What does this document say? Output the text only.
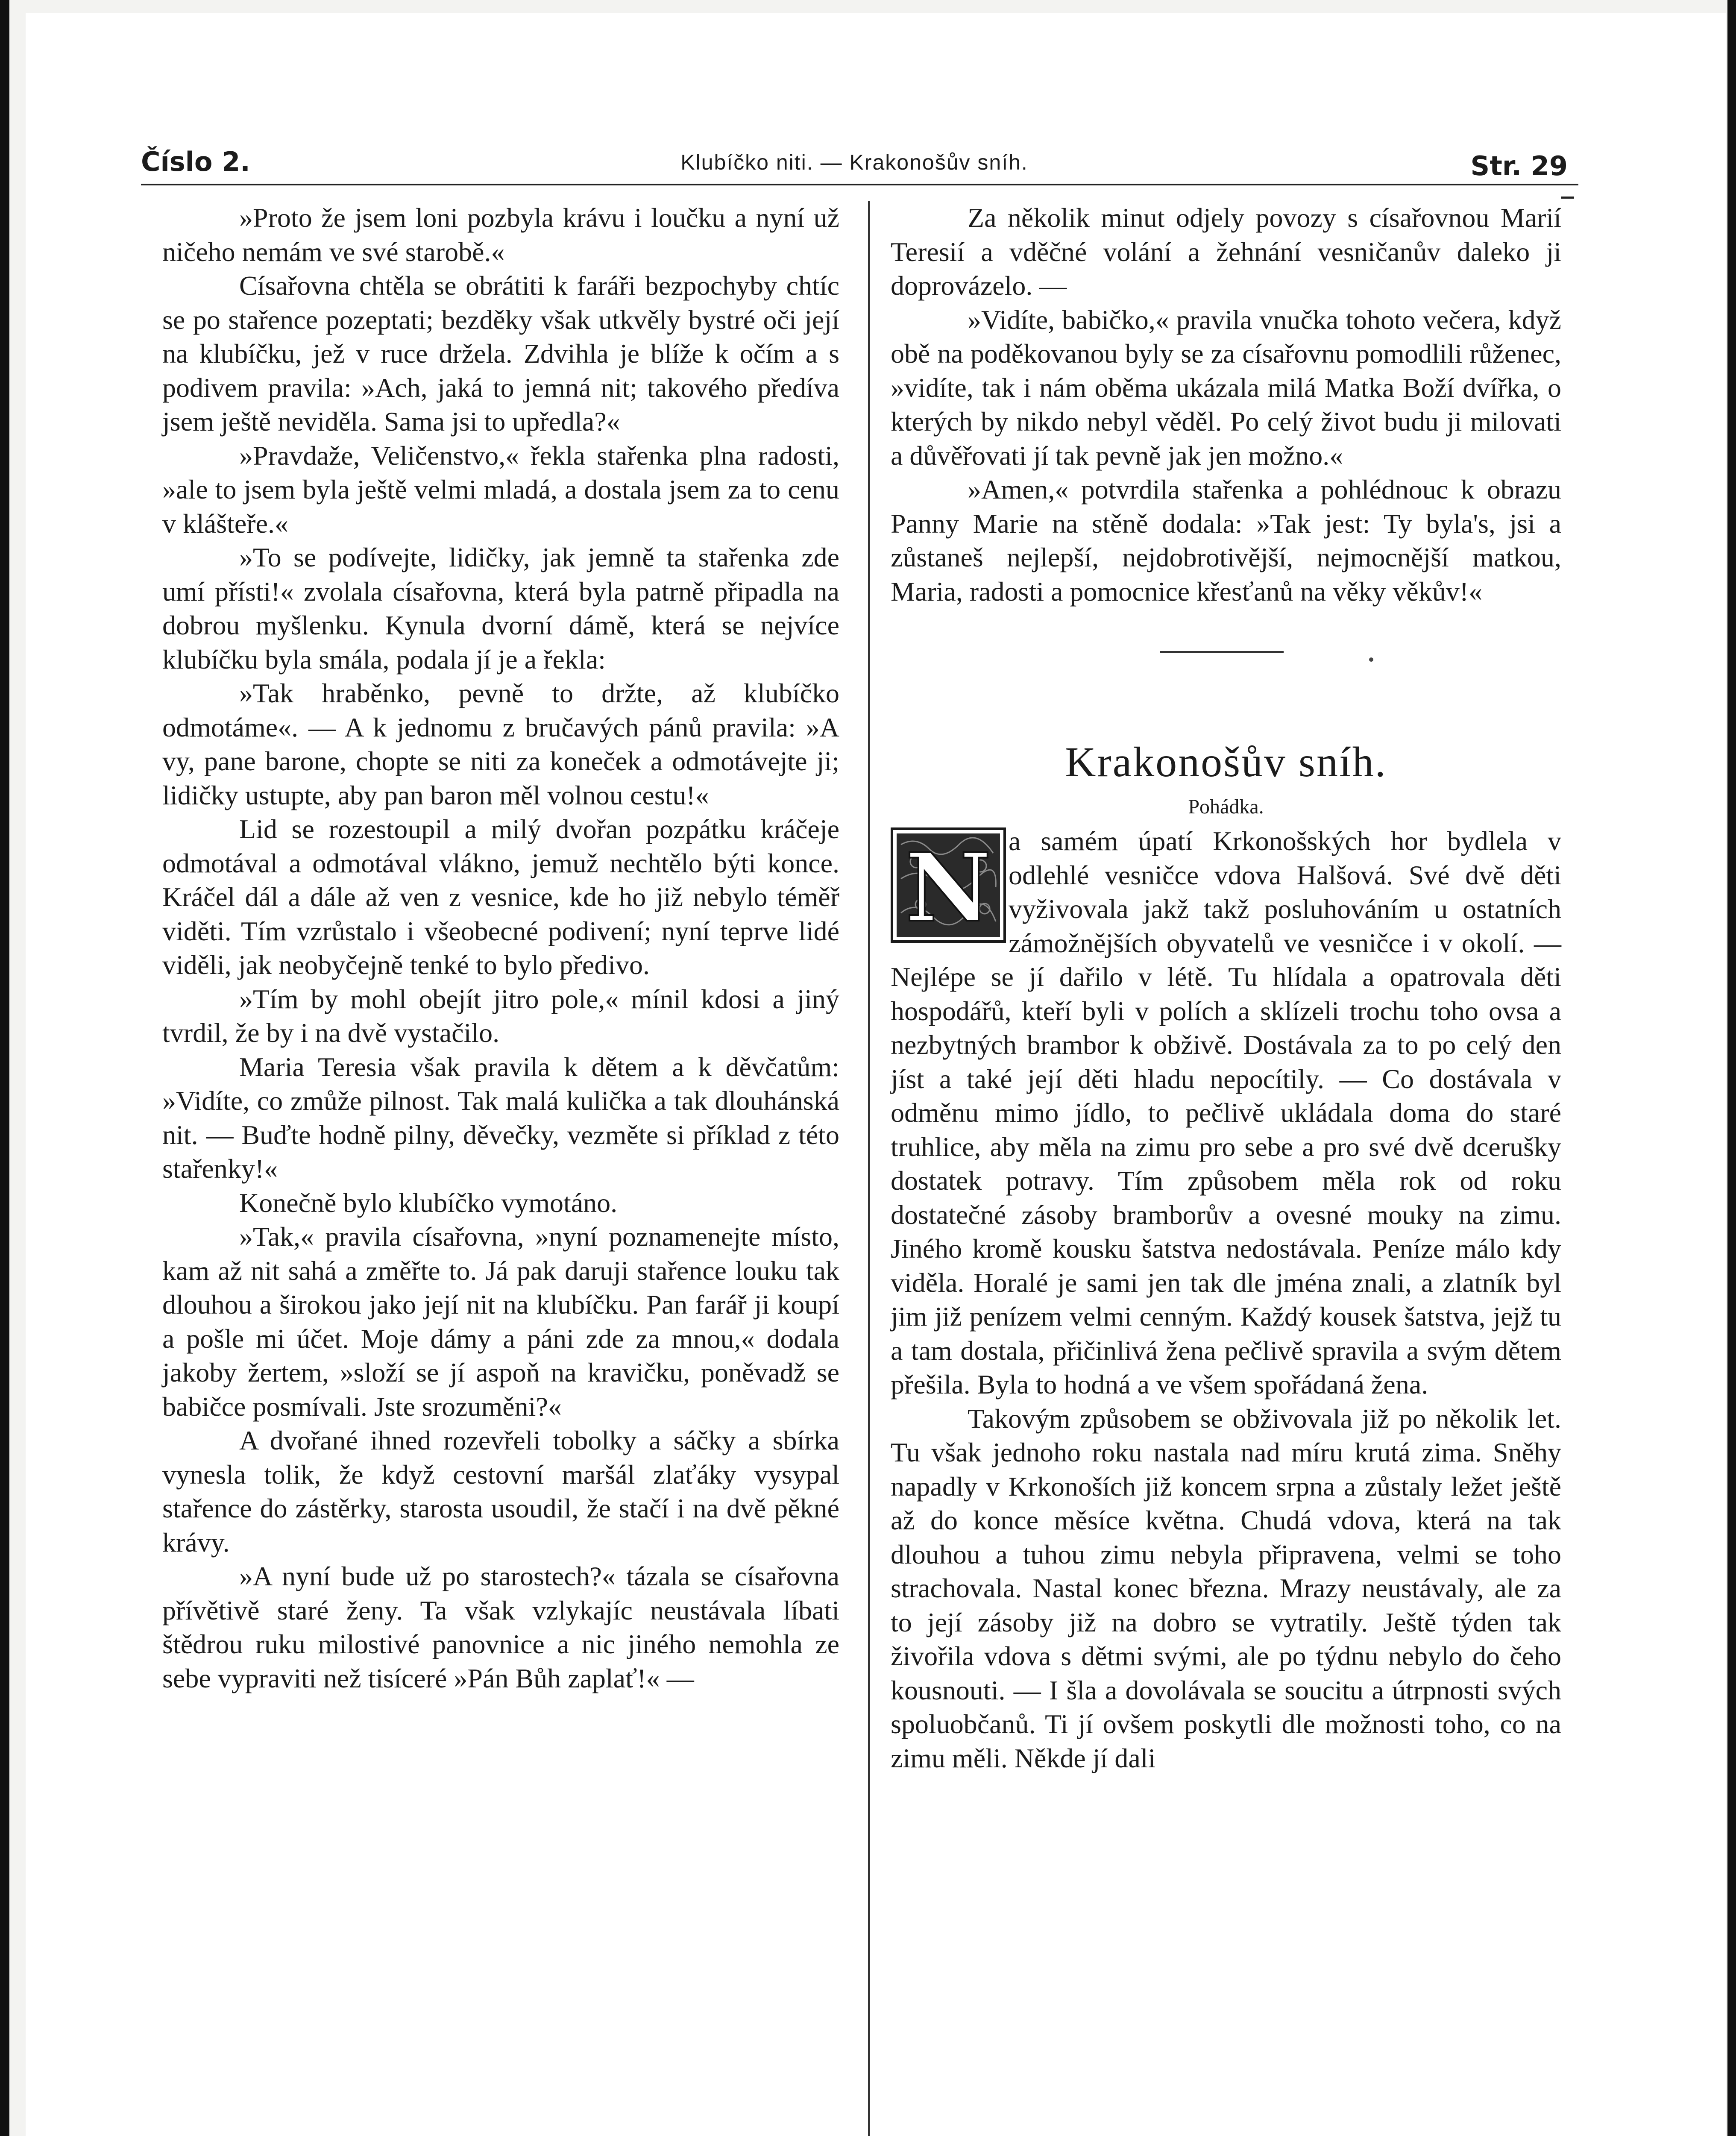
Číslo 2.	Klubíčko niti. — Krakonošův sníh.	Str. 29

»Proto že jsem loni pozbyla krávu i loučku a nyní už ničeho nemám ve své starobě.«

Císařovna chtěla se obrátiti k faráři bezpochyby chtíc se po stařence pozeptati; bezděky však utkvěly bystré oči její na klubíčku, jež v ruce držela. Zdvihla je blíže k očím a s podivem pravila: »Ach, jaká to jemná nit; takového předíva jsem ještě neviděla. Sama jsi to upředla?«

»Pravdaže, Veličenstvo,« řekla stařenka plna radosti, »ale to jsem byla ještě velmi mladá, a dostala jsem za to cenu v klášteře.«

»To se podívejte, lidičky, jak jemně ta stařenka zde umí přísti!« zvolala císařovna, která byla patrně připadla na dobrou myšlenku. Kynula dvorní dámě, která se nejvíce klubíčku byla smála, podala jí je a řekla:

»Tak hraběnko, pevně to držte, až klubíčko odmotáme«. — A k jednomu z bručavých pánů pravila: »A vy, pane barone, chopte se niti za koneček a odmotávejte ji; lidičky ustupte, aby pan baron měl volnou cestu!«

Lid se rozestoupil a milý dvořan pozpátku kráčeje odmotával a odmotával vlákno, jemuž nechtělo býti konce. Kráčel dál a dále až ven z vesnice, kde ho již nebylo téměř viděti. Tím vzrůstalo i všeobecné podivení; nyní teprve lidé viděli, jak neobyčejně tenké to bylo předivo.

»Tím by mohl obejít jitro pole,« mínil kdosi a jiný tvrdil, že by i na dvě vystačilo.

Maria Teresia však pravila k dětem a k děvčatům: »Vidíte, co zmůže pilnost. Tak malá kulička a tak dlouhánská nit. — Buďte hodně pilny, děvečky, vezměte si příklad z této stařenky!«

Konečně bylo klubíčko vymotáno.

»Tak,« pravila císařovna, »nyní poznamenejte místo, kam až nit sahá a změřte to. Já pak daruji stařence louku tak dlouhou a širokou jako její nit na klubíčku. Pan farář ji koupí a pošle mi účet. Moje dámy a páni zde za mnou,« dodala jakoby žertem, »složí se jí aspoň na kravičku, poněvadž se babičce posmívali. Jste srozuměni?«

A dvořané ihned rozevřeli tobolky a sáčky a sbírka vynesla tolik, že když cestovní maršál zlaťáky vysypal stařence do zástěrky, starosta usoudil, že stačí i na dvě pěkné krávy.

»A nyní bude už po starostech?« tázala se císařovna přívětivě staré ženy. Ta však vzlykajíc neustávala líbati štědrou ruku milostivé panovnice a nic jiného nemohla ze sebe vypraviti než tisíceré »Pán Bůh zaplať!« —

Za několik minut odjely povozy s císařovnou Marií Teresií a vděčné volání a žehnání vesničanův daleko ji doprovázelo. —

»Vidíte, babičko,« pravila vnučka tohoto večera, když obě na poděkovanou byly se za císařovnu pomodlili růženec, »vidíte, tak i nám oběma ukázala milá Matka Boží dvířka, o kterých by nikdo nebyl věděl. Po celý život budu ji milovati a důvěřovati jí tak pevně jak jen možno.«

»Amen,« potvrdila stařenka a pohlédnouc k obrazu Panny Marie na stěně dodala: »Tak jest: Ty byla's, jsi a zůstaneš nejlepší, nejdobrotivější, nejmocnější matkou, Maria, radosti a pomocnice křesťanů na věky věkův!«

Krakonošův sníh.
Pohádka.

N a samém úpatí Krkonošských hor bydlela v odlehlé vesničce vdova Halšová. Své dvě děti vyživovala jakž takž posluhováním u ostatních zámožnějších obyvatelů ve vesničce i v okolí. — Nejlépe se jí dařilo v létě. Tu hlídala a opatrovala děti hospodářů, kteří byli v polích a sklízeli trochu toho ovsa a nezbytných brambor k obživě. Dostávala za to po celý den jíst a také její děti hladu nepocítily. — Co dostávala v odměnu mimo jídlo, to pečlivě ukládala doma do staré truhlice, aby měla na zimu pro sebe a pro své dvě dcerušky dostatek potravy. Tím způsobem měla rok od roku dostatečné zásoby bramborův a ovesné mouky na zimu. Jiného kromě kousku šatstva nedostávala. Peníze málo kdy viděla. Horalé je sami jen tak dle jména znali, a zlatník byl jim již penízem velmi cenným. Každý kousek šatstva, jejž tu a tam dostala, přičinlivá žena pečlivě spravila a svým dětem přešila. Byla to hodná a ve všem spořádaná žena.

Takovým způsobem se obživovala již po několik let. Tu však jednoho roku nastala nad míru krutá zima. Sněhy napadly v Krkonoších již koncem srpna a zůstaly ležet ještě až do konce měsíce května. Chudá vdova, která na tak dlouhou a tuhou zimu nebyla připravena, velmi se toho strachovala. Nastal konec března. Mrazy neustávaly, ale za to její zásoby již na dobro se vytratily. Ještě týden tak živořila vdova s dětmi svými, ale po týdnu nebylo do čeho kousnouti. — I šla a dovolávala se soucitu a útrpnosti svých spoluobčanů. Ti jí ovšem poskytli dle možnosti toho, co na zimu měli. Někde jí dali
